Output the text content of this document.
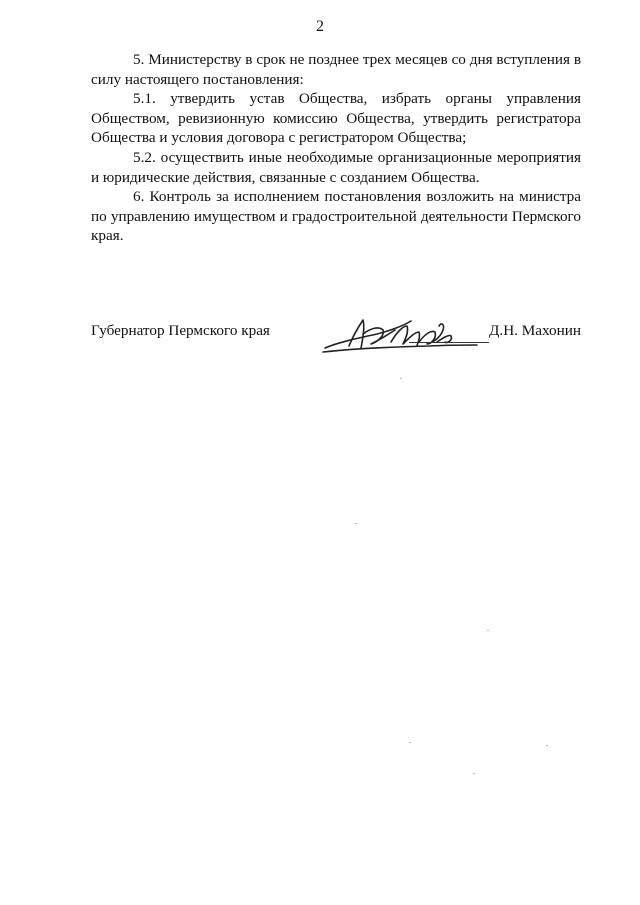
2

5. Министерству в срок не позднее трех месяцев со дня вступления в силу настоящего постановления:

5.1. утвердить устав Общества, избрать органы управления Обществом, ревизионную комиссию Общества, утвердить регистратора Общества и условия договора с регистратором Общества;

5.2. осуществить иные необходимые организационные мероприятия и юридические действия, связанные с созданием Общества.

6. Контроль за исполнением постановления возложить на министра по управлению имуществом и градостроительной деятельности Пермского края.

Губернатор Пермского края	Д.Н. Махонин
